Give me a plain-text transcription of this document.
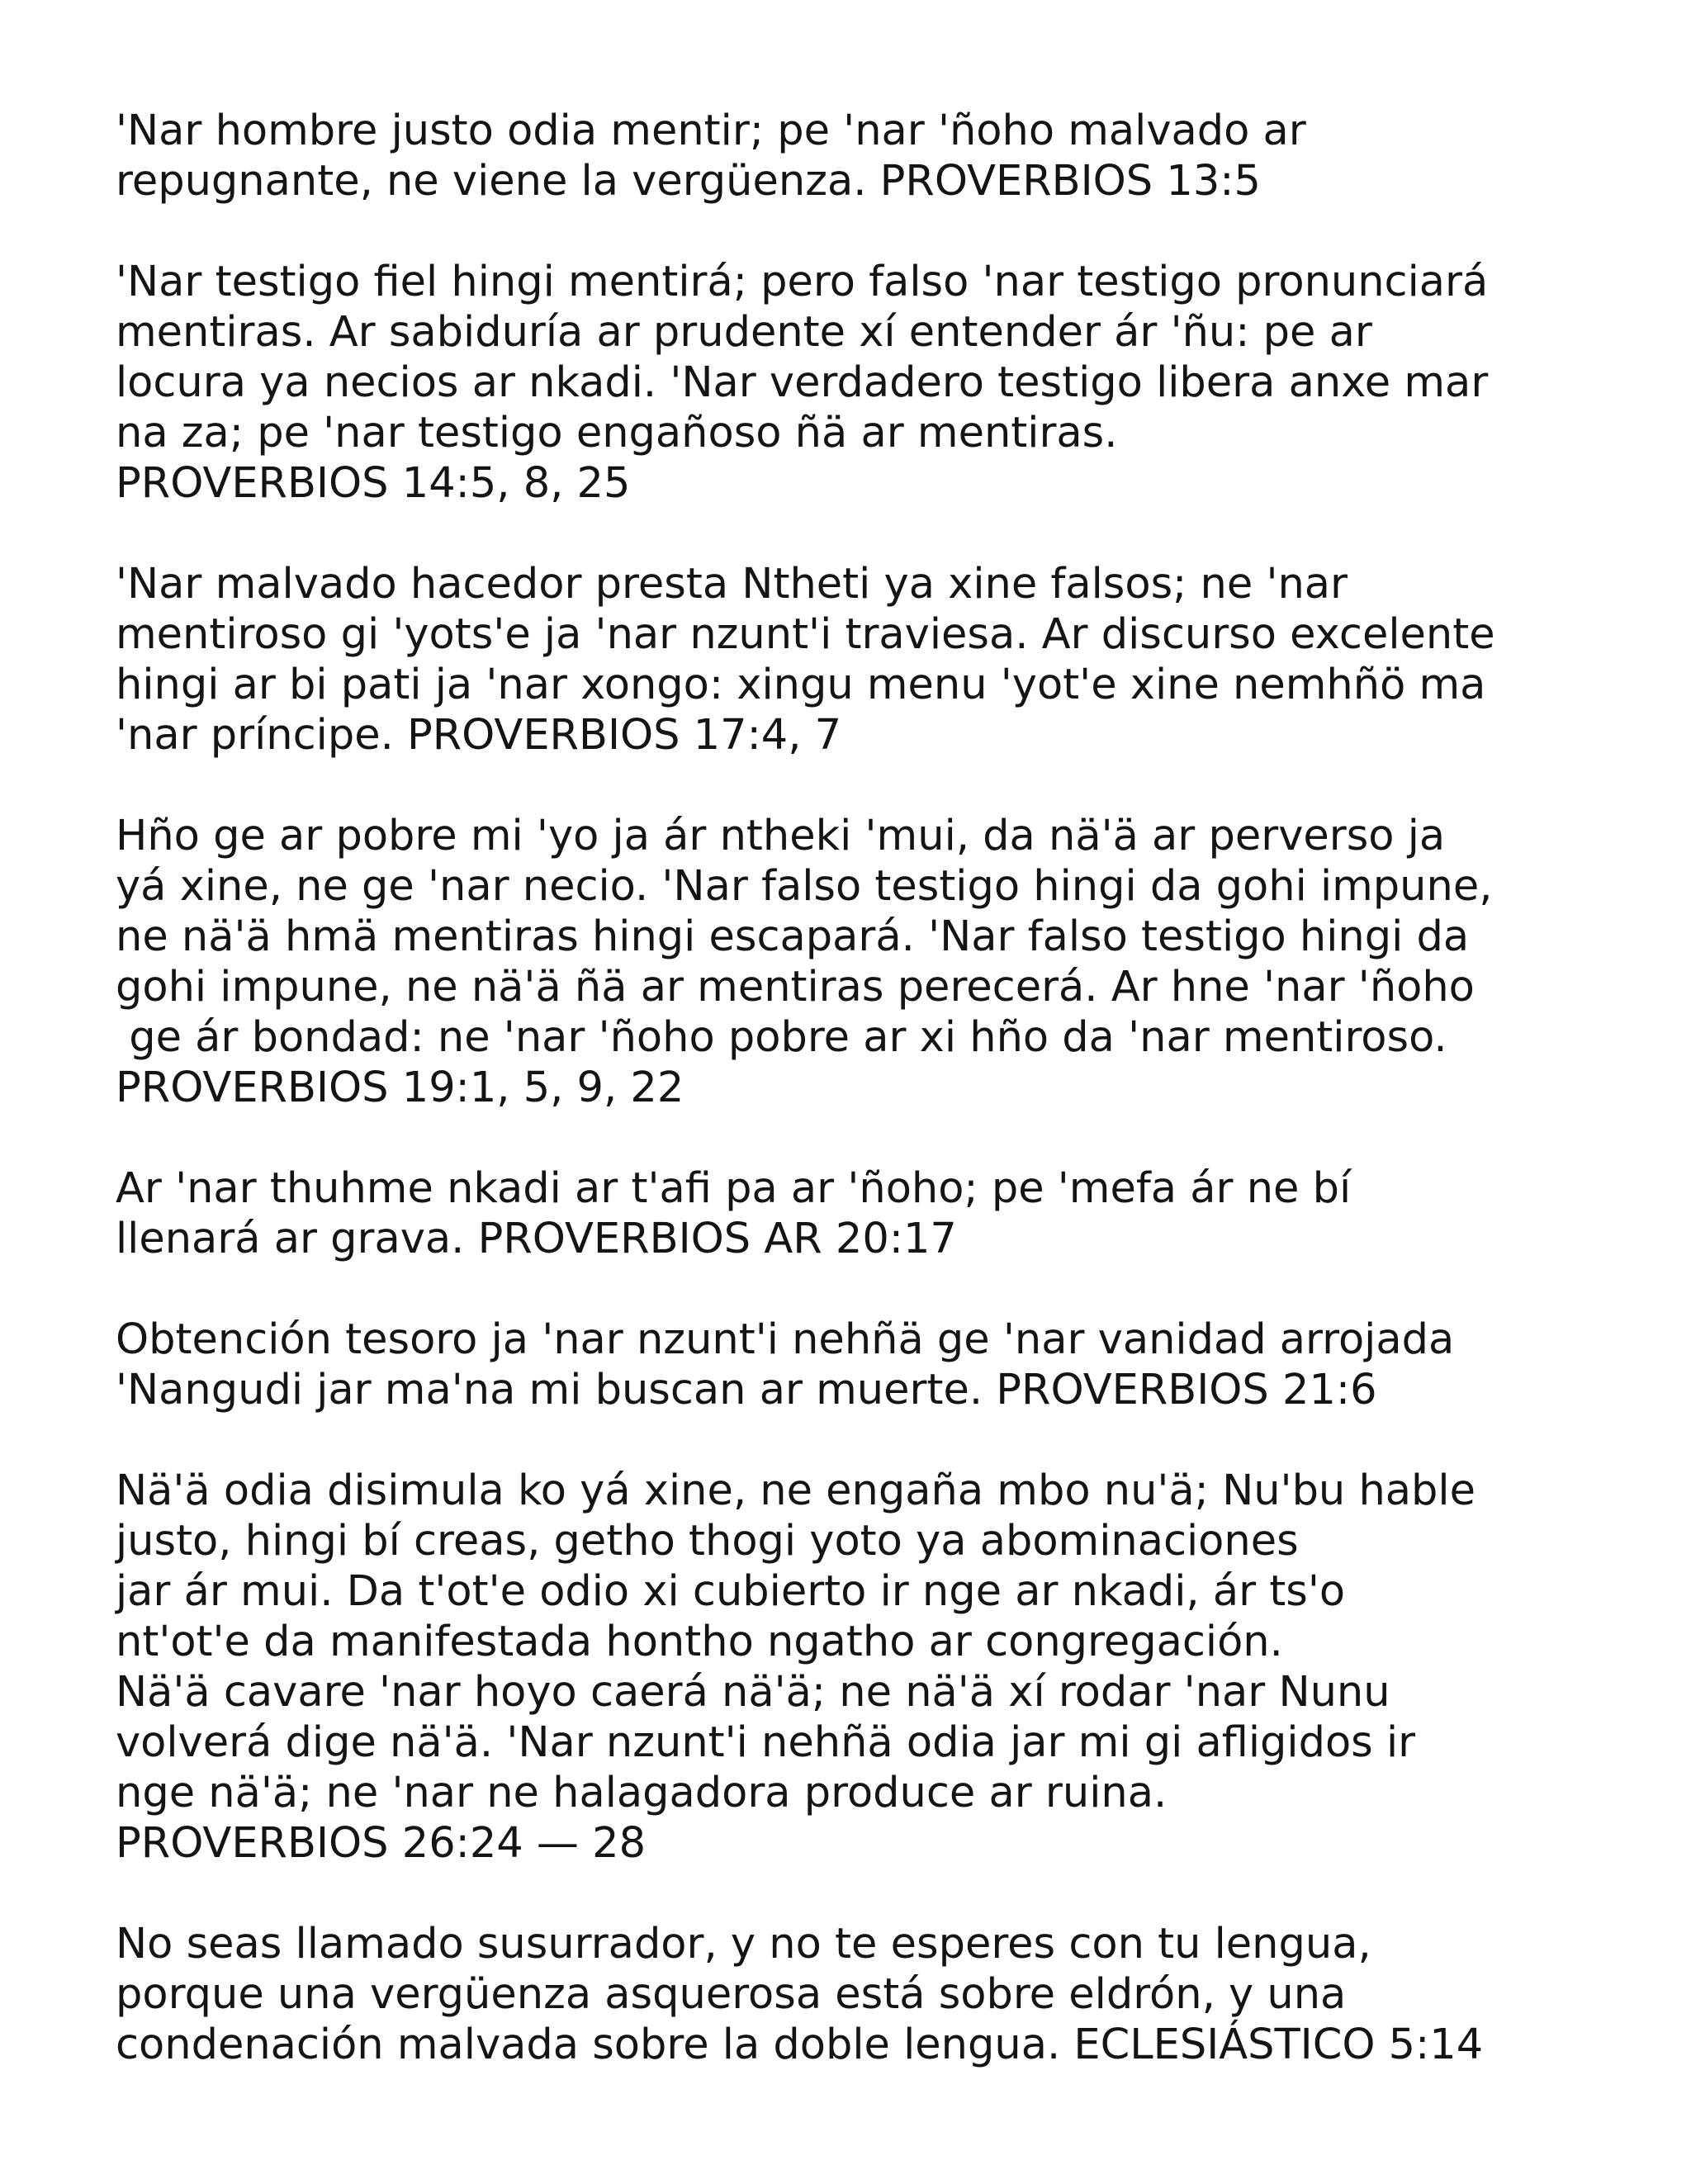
'Nar hombre justo odia mentir; pe 'nar 'ñoho malvado ar
repugnante, ne viene la vergüenza. PROVERBIOS 13:5

'Nar testigo fiel hingi mentirá; pero falso 'nar testigo pronunciará
mentiras. Ar sabiduría ar prudente xí entender ár 'ñu: pe ar
locura ya necios ar nkadi. 'Nar verdadero testigo libera anxe mar
na za; pe 'nar testigo engañoso ñä ar mentiras.
PROVERBIOS 14:5, 8, 25

'Nar malvado hacedor presta Ntheti ya xine falsos; ne 'nar
mentiroso gi 'yots'e ja 'nar nzunt'i traviesa. Ar discurso excelente
hingi ar bi pati ja 'nar xongo: xingu menu 'yot'e xine nemhñö ma
'nar príncipe. PROVERBIOS 17:4, 7

Hño ge ar pobre mi 'yo ja ár ntheki 'mui, da nä'ä ar perverso ja
yá xine, ne ge 'nar necio. 'Nar falso testigo hingi da gohi impune,
ne nä'ä hmä mentiras hingi escapará. 'Nar falso testigo hingi da
gohi impune, ne nä'ä ñä ar mentiras perecerá. Ar hne 'nar 'ñoho
ge ár bondad: ne 'nar 'ñoho pobre ar xi hño da 'nar mentiroso.
PROVERBIOS 19:1, 5, 9, 22

Ar 'nar thuhme nkadi ar t'afi pa ar 'ñoho; pe 'mefa ár ne bí
llenará ar grava. PROVERBIOS AR 20:17

Obtención tesoro ja 'nar nzunt'i nehñä ge 'nar vanidad arrojada
'Nangudi jar ma'na mi buscan ar muerte. PROVERBIOS 21:6

Nä'ä odia disimula ko yá xine, ne engaña mbo nu'ä; Nu'bu hable
justo, hingi bí creas, getho thogi yoto ya abominaciones
jar ár mui. Da t'ot'e odio xi cubierto ir nge ar nkadi, ár ts'o
nt'ot'e da manifestada hontho ngatho ar congregación.
Nä'ä cavare 'nar hoyo caerá nä'ä; ne nä'ä xí rodar 'nar Nunu
volverá dige nä'ä. 'Nar nzunt'i nehñä odia jar mi gi afligidos ir
nge nä'ä; ne 'nar ne halagadora produce ar ruina.
PROVERBIOS 26:24 — 28

No seas llamado susurrador, y no te esperes con tu lengua,
porque una vergüenza asquerosa está sobre eldrón, y una
condenación malvada sobre la doble lengua. ECLESIÁSTICO 5:14
